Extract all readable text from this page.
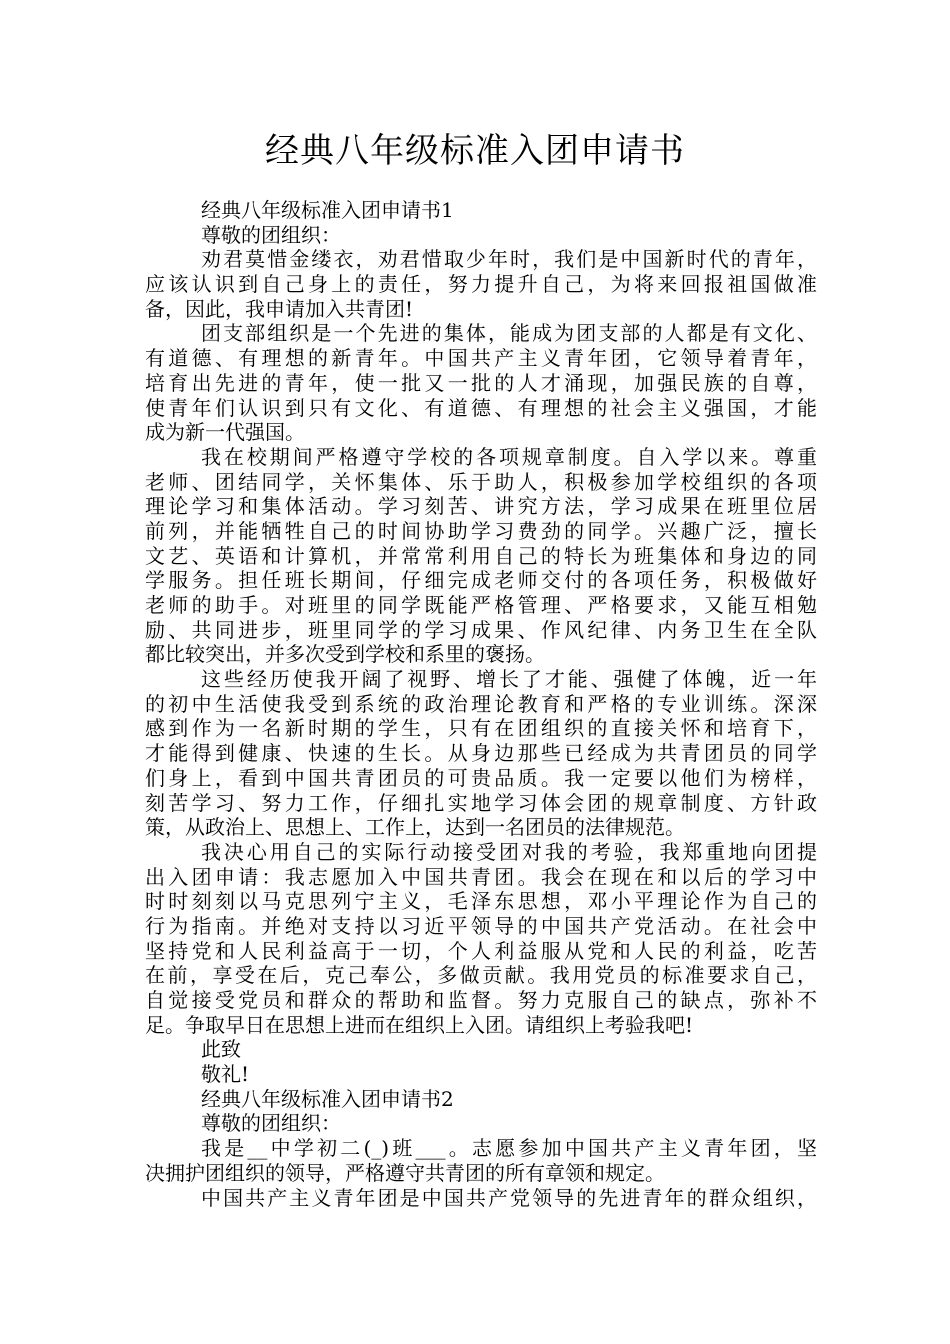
经典八年级标准入团申请书
经典八年级标准入团申请书1
尊敬的团组织：
劝君莫惜金缕衣，劝君惜取少年时，我们是中国新时代的青年，
应该认识到自己身上的责任，努力提升自己，为将来回报祖国做准
备，因此，我申请加入共青团!
团支部组织是一个先进的集体，能成为团支部的人都是有文化、
有道德、有理想的新青年。中国共产主义青年团，它领导着青年，
培育出先进的青年，使一批又一批的人才涌现，加强民族的自尊，
使青年们认识到只有文化、有道德、有理想的社会主义强国，才能
成为新一代强国。
我在校期间严格遵守学校的各项规章制度。自入学以来。尊重
老师、团结同学，关怀集体、乐于助人，积极参加学校组织的各项
理论学习和集体活动。学习刻苦、讲究方法，学习成果在班里位居
前列，并能牺牲自己的时间协助学习费劲的同学。兴趣广泛，擅长
文艺、英语和计算机，并常常利用自己的特长为班集体和身边的同
学服务。担任班长期间，仔细完成老师交付的各项任务，积极做好
老师的助手。对班里的同学既能严格管理、严格要求，又能互相勉
励、共同进步，班里同学的学习成果、作风纪律、内务卫生在全队
都比较突出，并多次受到学校和系里的褒扬。
这些经历使我开阔了视野、增长了才能、强健了体魄，近一年
的初中生活使我受到系统的政治理论教育和严格的专业训练。深深
感到作为一名新时期的学生，只有在团组织的直接关怀和培育下，
才能得到健康、快速的生长。从身边那些已经成为共青团员的同学
们身上，看到中国共青团员的可贵品质。我一定要以他们为榜样，
刻苦学习、努力工作，仔细扎实地学习体会团的规章制度、方针政
策，从政治上、思想上、工作上，达到一名团员的法律规范。
我决心用自己的实际行动接受团对我的考验，我郑重地向团提
出入团申请：我志愿加入中国共青团。我会在现在和以后的学习中
时时刻刻以马克思列宁主义，毛泽东思想，邓小平理论作为自己的
行为指南。并绝对支持以习近平领导的中国共产党活动。在社会中
坚持党和人民利益高于一切，个人利益服从党和人民的利益，吃苦
在前，享受在后，克己奉公，多做贡献。我用党员的标准要求自己，
自觉接受党员和群众的帮助和监督。努力克服自己的缺点，弥补不
足。争取早日在思想上进而在组织上入团。请组织上考验我吧!
此致
敬礼!
经典八年级标准入团申请书2
尊敬的团组织：
我是__中学初二(_)班___。志愿参加中国共产主义青年团，坚
决拥护团组织的领导，严格遵守共青团的所有章领和规定。
中国共产主义青年团是中国共产党领导的先进青年的群众组织，
